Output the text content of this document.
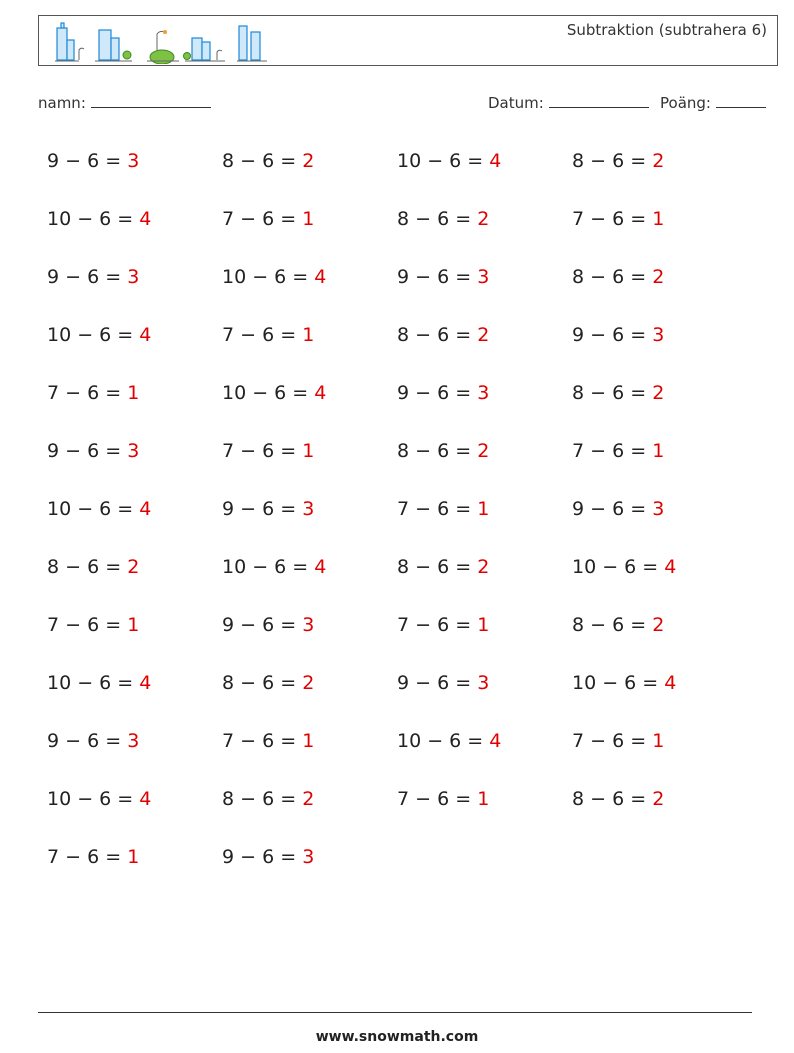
Subtraktion (subtrahera 6)
namn:	Datum:	Poäng:
9 − 6 = 3	8 − 6 = 2	10 − 6 = 4	8 − 6 = 2
10 − 6 = 4	7 − 6 = 1	8 − 6 = 2	7 − 6 = 1
9 − 6 = 3	10 − 6 = 4	9 − 6 = 3	8 − 6 = 2
10 − 6 = 4	7 − 6 = 1	8 − 6 = 2	9 − 6 = 3
7 − 6 = 1	10 − 6 = 4	9 − 6 = 3	8 − 6 = 2
9 − 6 = 3	7 − 6 = 1	8 − 6 = 2	7 − 6 = 1
10 − 6 = 4	9 − 6 = 3	7 − 6 = 1	9 − 6 = 3
8 − 6 = 2	10 − 6 = 4	8 − 6 = 2	10 − 6 = 4
7 − 6 = 1	9 − 6 = 3	7 − 6 = 1	8 − 6 = 2
10 − 6 = 4	8 − 6 = 2	9 − 6 = 3	10 − 6 = 4
9 − 6 = 3	7 − 6 = 1	10 − 6 = 4	7 − 6 = 1
10 − 6 = 4	8 − 6 = 2	7 − 6 = 1	8 − 6 = 2
7 − 6 = 1	9 − 6 = 3
www.snowmath.com
